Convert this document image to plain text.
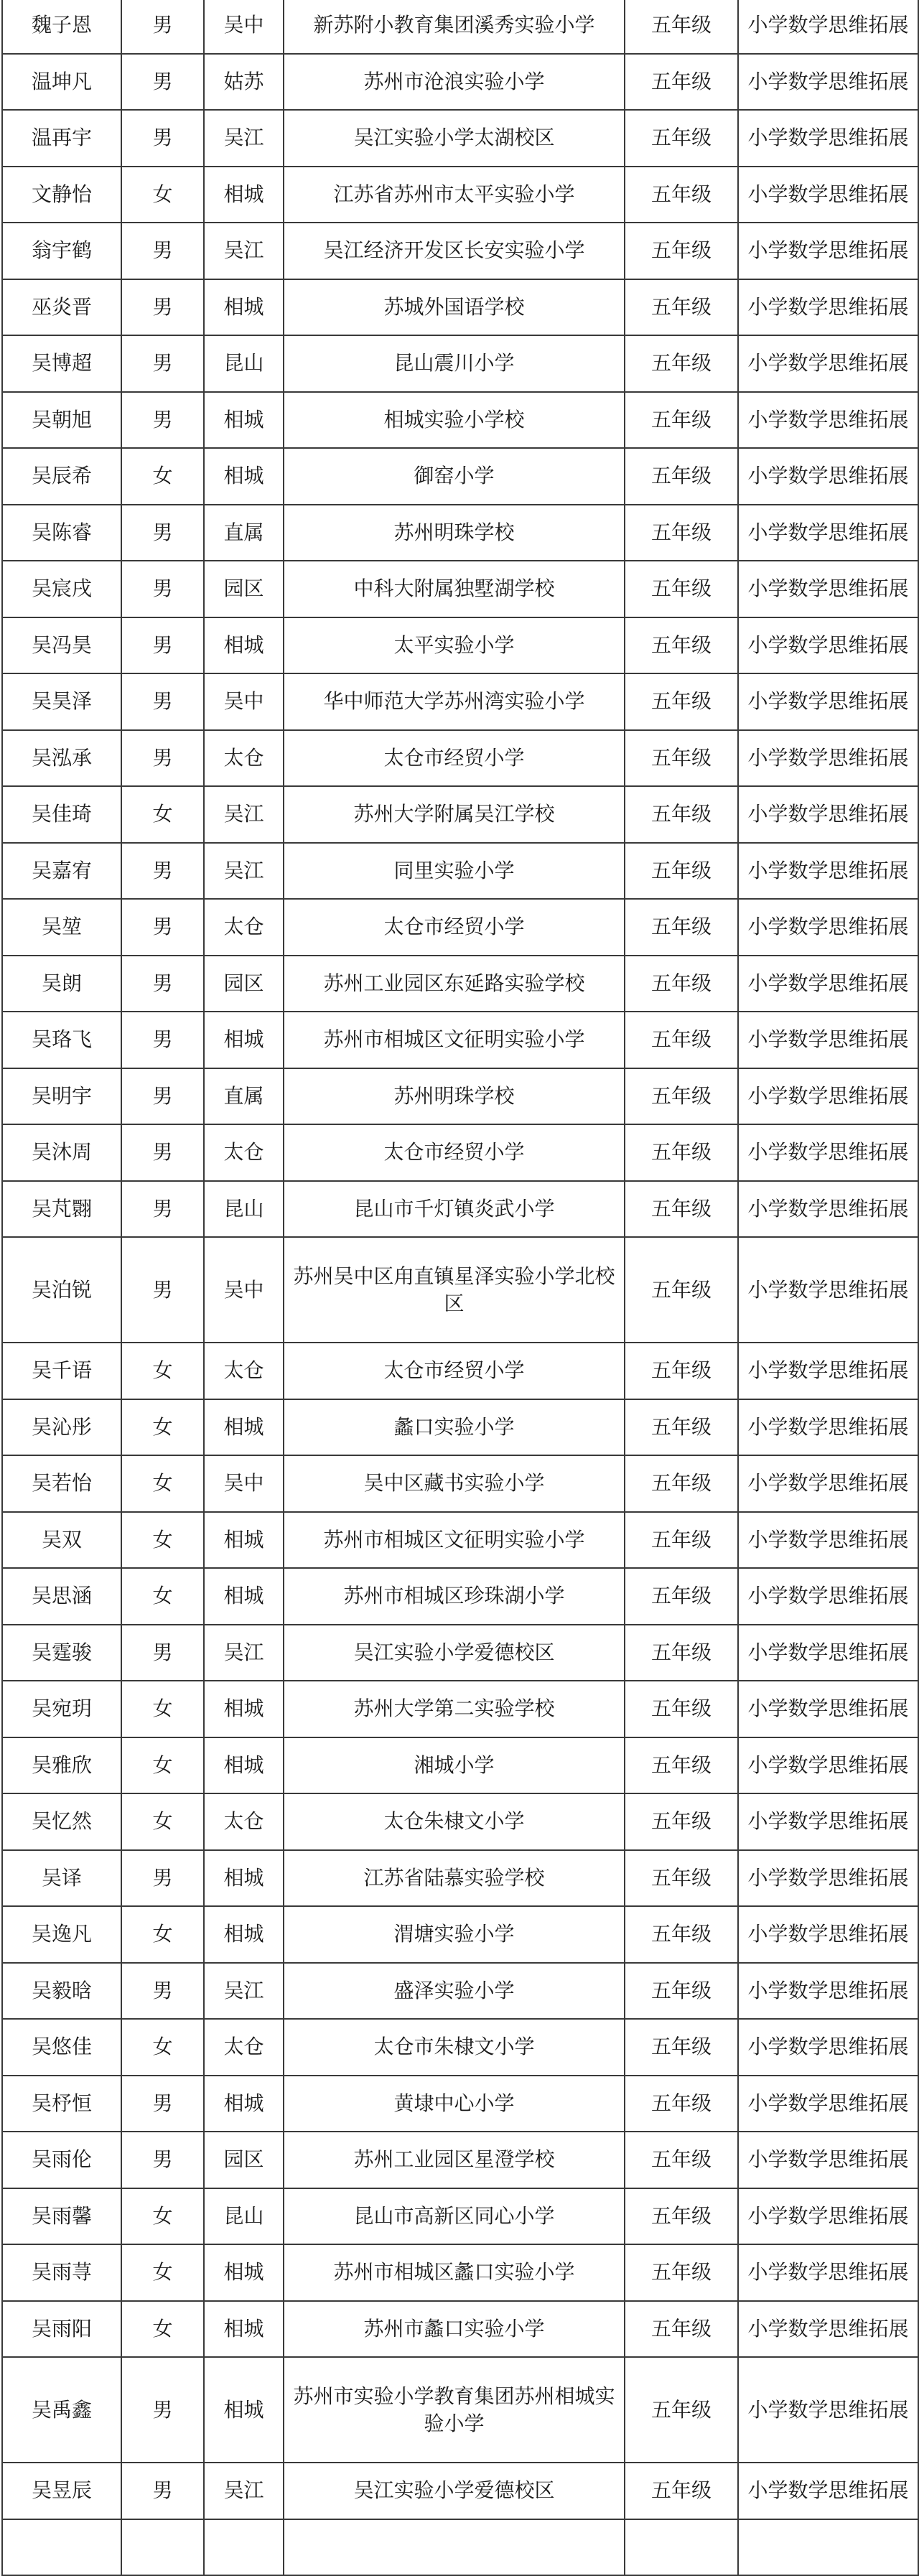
魏子恩	男	吴中	新苏附小教育集团溪秀实验小学	五年级	小学数学思维拓展
温坤凡	男	姑苏	苏州市沧浪实验小学	五年级	小学数学思维拓展
温再宇	男	吴江	吴江实验小学太湖校区	五年级	小学数学思维拓展
文静怡	女	相城	江苏省苏州市太平实验小学	五年级	小学数学思维拓展
翁宇鹤	男	吴江	吴江经济开发区长安实验小学	五年级	小学数学思维拓展
巫炎晋	男	相城	苏城外国语学校	五年级	小学数学思维拓展
吴博超	男	昆山	昆山震川小学	五年级	小学数学思维拓展
吴朝旭	男	相城	相城实验小学校	五年级	小学数学思维拓展
吴辰希	女	相城	御窑小学	五年级	小学数学思维拓展
吴陈睿	男	直属	苏州明珠学校	五年级	小学数学思维拓展
吴宸戌	男	园区	中科大附属独墅湖学校	五年级	小学数学思维拓展
吴冯昊	男	相城	太平实验小学	五年级	小学数学思维拓展
吴昊泽	男	吴中	华中师范大学苏州湾实验小学	五年级	小学数学思维拓展
吴泓承	男	太仓	太仓市经贸小学	五年级	小学数学思维拓展
吴佳琦	女	吴江	苏州大学附属吴江学校	五年级	小学数学思维拓展
吴嘉宥	男	吴江	同里实验小学	五年级	小学数学思维拓展
吴堃	男	太仓	太仓市经贸小学	五年级	小学数学思维拓展
吴朗	男	园区	苏州工业园区东延路实验学校	五年级	小学数学思维拓展
吴珞飞	男	相城	苏州市相城区文征明实验小学	五年级	小学数学思维拓展
吴明宇	男	直属	苏州明珠学校	五年级	小学数学思维拓展
吴沐周	男	太仓	太仓市经贸小学	五年级	小学数学思维拓展
吴芃翾	男	昆山	昆山市千灯镇炎武小学	五年级	小学数学思维拓展
吴泊锐	男	吴中	苏州吴中区甪直镇星泽实验小学北校区	五年级	小学数学思维拓展
吴千语	女	太仓	太仓市经贸小学	五年级	小学数学思维拓展
吴沁彤	女	相城	蠡口实验小学	五年级	小学数学思维拓展
吴若怡	女	吴中	吴中区藏书实验小学	五年级	小学数学思维拓展
吴双	女	相城	苏州市相城区文征明实验小学	五年级	小学数学思维拓展
吴思涵	女	相城	苏州市相城区珍珠湖小学	五年级	小学数学思维拓展
吴霆骏	男	吴江	吴江实验小学爱德校区	五年级	小学数学思维拓展
吴宛玥	女	相城	苏州大学第二实验学校	五年级	小学数学思维拓展
吴雅欣	女	相城	湘城小学	五年级	小学数学思维拓展
吴忆然	女	太仓	太仓朱棣文小学	五年级	小学数学思维拓展
吴译	男	相城	江苏省陆慕实验学校	五年级	小学数学思维拓展
吴逸凡	女	相城	渭塘实验小学	五年级	小学数学思维拓展
吴毅晗	男	吴江	盛泽实验小学	五年级	小学数学思维拓展
吴悠佳	女	太仓	太仓市朱棣文小学	五年级	小学数学思维拓展
吴杼恒	男	相城	黄埭中心小学	五年级	小学数学思维拓展
吴雨伦	男	园区	苏州工业园区星澄学校	五年级	小学数学思维拓展
吴雨馨	女	昆山	昆山市高新区同心小学	五年级	小学数学思维拓展
吴雨荨	女	相城	苏州市相城区蠡口实验小学	五年级	小学数学思维拓展
吴雨阳	女	相城	苏州市蠡口实验小学	五年级	小学数学思维拓展
吴禹鑫	男	相城	苏州市实验小学教育集团苏州相城实验小学	五年级	小学数学思维拓展
吴昱辰	男	吴江	吴江实验小学爱德校区	五年级	小学数学思维拓展
